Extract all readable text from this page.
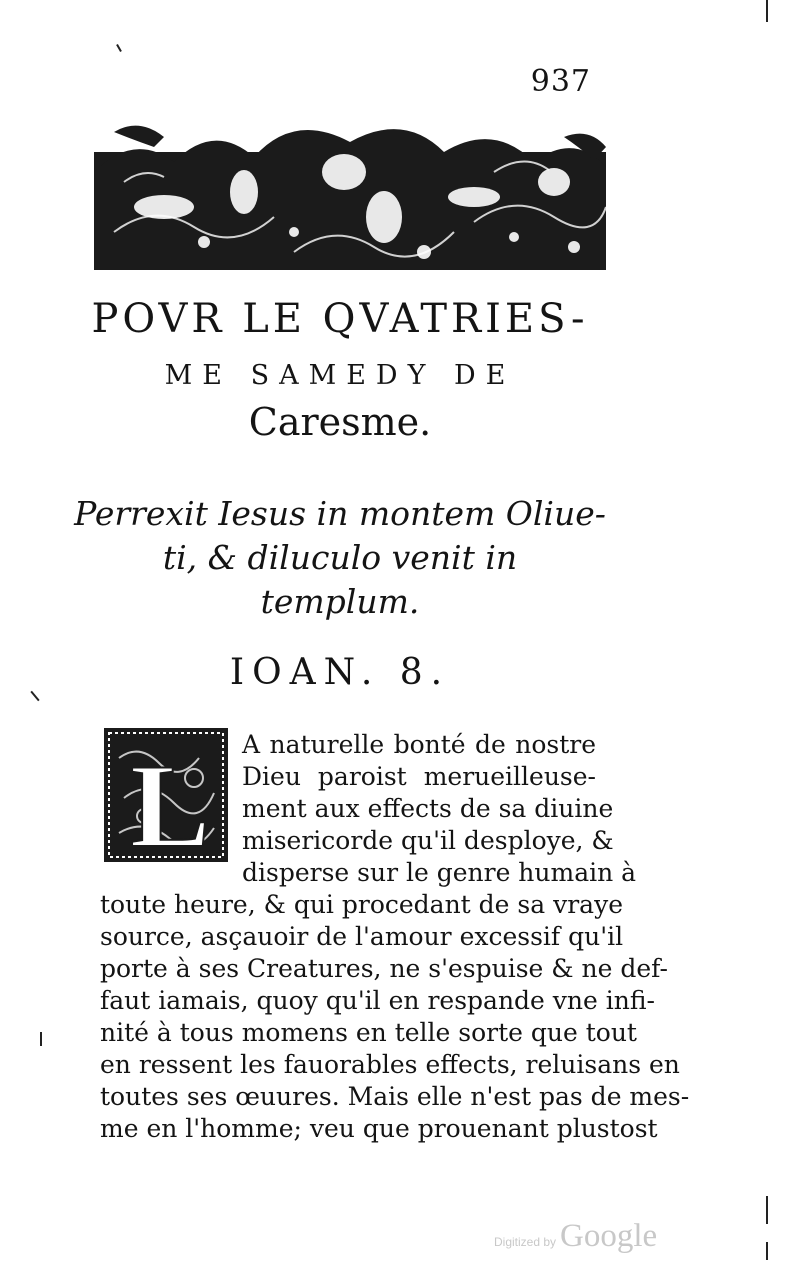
937
POVR LE QVATRIES-
ME SAMEDY DE
Caresme.
Perrexit Iesus in montem Oliue-
ti, & diluculo venit in
templum.
IOAN. 8.
L A naturelle bonté de nostre
Dieu paroist merueilleuse-
ment aux effects de sa diuine
misericorde qu'il desploye, &
disperse sur le genre humain à
toute heure, & qui procedant de sa vraye
source, asçauoir de l'amour excessif qu'il
porte à ses Creatures, ne s'espuise & ne def-
faut iamais, quoy qu'il en respande vne infi-
nité à tous momens en telle sorte que tout
en ressent les fauorables effects, reluisans en
toutes ses œuures. Mais elle n'est pas de mes-
me en l'homme; veu que prouenant plustost
Digitized by Google
